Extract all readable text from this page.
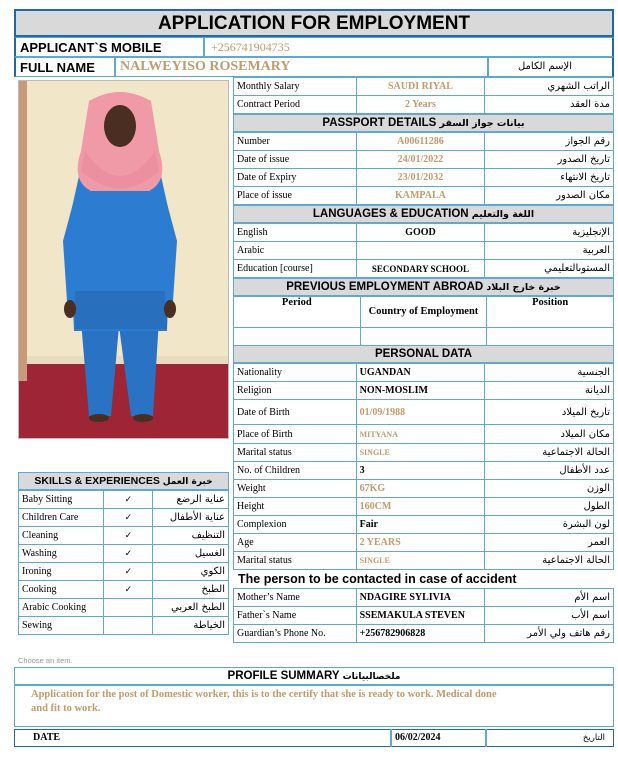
APPLICATION FOR EMPLOYMENT
APPLICANT`S MOBILE	+256741904735
FULL NAME NALWEYISO ROSEMARY	الإسم الكامل
Monthly Salary	SAUDI RIYAL	الراتب الشهري
Contract Period	2 Years	مدة العقد
PASSPORT DETAILS بيانات جواز السفر
Number	A00611286	رقم الجواز
Date of issue	24/01/2022	تاريخ الصدور
Date of Expiry	23/01/2032	تاريخ الانتهاء
Place of issue	KAMPALA	مكان الصدور
LANGUAGES & EDUCATION اللغة والتعليم
English	GOOD	الإنجليزية
Arabic		العربية
Education [course]	SECONDARY SCHOOL	المستوىالتعليمي
PREVIOUS EMPLOYMENT ABROAD خبرة خارج البلاد
Period	Country of Employment	Position

PERSONAL DATA
Nationality	UGANDAN	الجنسية
Religion	NON-MOSLIM	الديانة
Date of Birth	01/09/1988	تاريخ الميلاد
Place of Birth	MITYANA	مكان الميلاد
Marital status	SINGLE	الحالة الاجتماعية
No. of Children	3	عدد الأطفال
Weight	67KG	الوزن
Height	160CM	الطول
Complexion	Fair	لون البشرة
Age	2 YEARS	العمر
Marital status	SINGLE	الحالة الاجتماعية
The person to be contacted in case of accident
Mother’s Name	NDAGIRE SYLIVIA	اسم الأم
Father`s Name	SSEMAKULA STEVEN	اسم الأب
Guardian’s Phone No.	+256782906828	رقم هاتف ولي الأمر
SKILLS & EXPERIENCES خبرة العمل
Baby Sitting	✓	عناية الرضع
Children Care	✓	عناية الأطفال
Cleaning	✓	التنظيف
Washing	✓	الغسيل
Ironing	✓	الكوي
Cooking	✓	الطبخ
Arabic Cooking		الطبخ العربي
Sewing		الخياطة
Choose an item.
PROFILE SUMMARY ملخصالبيانات
Application for the post of Domestic worker, this is to the certify that she is ready to work. Medical done and fit to work.
DATE	06/02/2024	التاريخ
